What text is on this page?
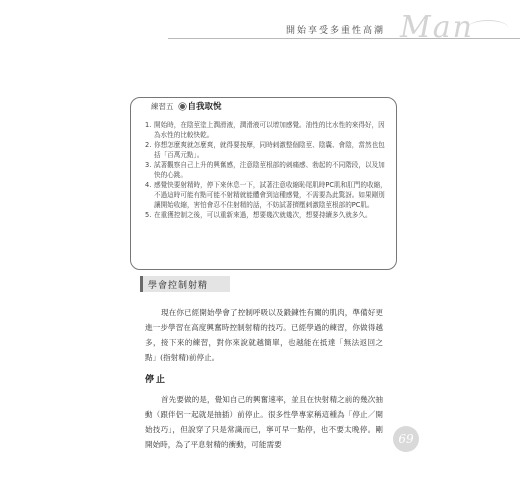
開始享受多重性高潮 Man
練習五 自我取悅
1. 開始時，在陰莖塗上潤滑液，潤滑液可以增加感覺。油性的比水性的來得好，因為水性的比較快乾。
2. 你想怎麼爽就怎麼爽，就得要按摩，同時刺激整個陰莖、陰囊、會陰，當然也包括「百萬元點」。
3. 試著觀察自己上升的興奮感，注意陰莖根部的刺痛感、勃起的不同階段，以及加快的心跳。
4. 感覺快要射精時，停下來休息一下，試著注意收縮恥尾肌時PC肌和肛門的收縮，不過這時可能有點可能不射精就能體會到這種感覺，不需要為此驚訝。如果剛別讓開始收縮，害怕會忍不住射精的話，不妨試著擠壓刺激陰莖根部的PC肌。
5. 在重獲控制之後，可以重新來過，想要幾次就幾次，想要持續多久就多久。
學會控制射精

現在你已經開始學會了控制呼吸以及鍛鍊性有關的肌肉，準備好更進一步學習在高度興奮時控制射精的技巧。已經學過的練習，你做得越多，接下來的練習，對你來說就越簡單，也越能在抵達「無法返回之點」(指射精)前停止。

停止

首先要做的是，覺知自己的興奮速率，並且在快射精之前的幾次抽動（跟伴侶一起就是抽插）前停止。很多性學專家稱這種為「停止／開始技巧」，但說穿了只是常識而已，寧可早一點停，也不要太晚停。剛開始時，為了平息射精的衝動，可能需要	69
